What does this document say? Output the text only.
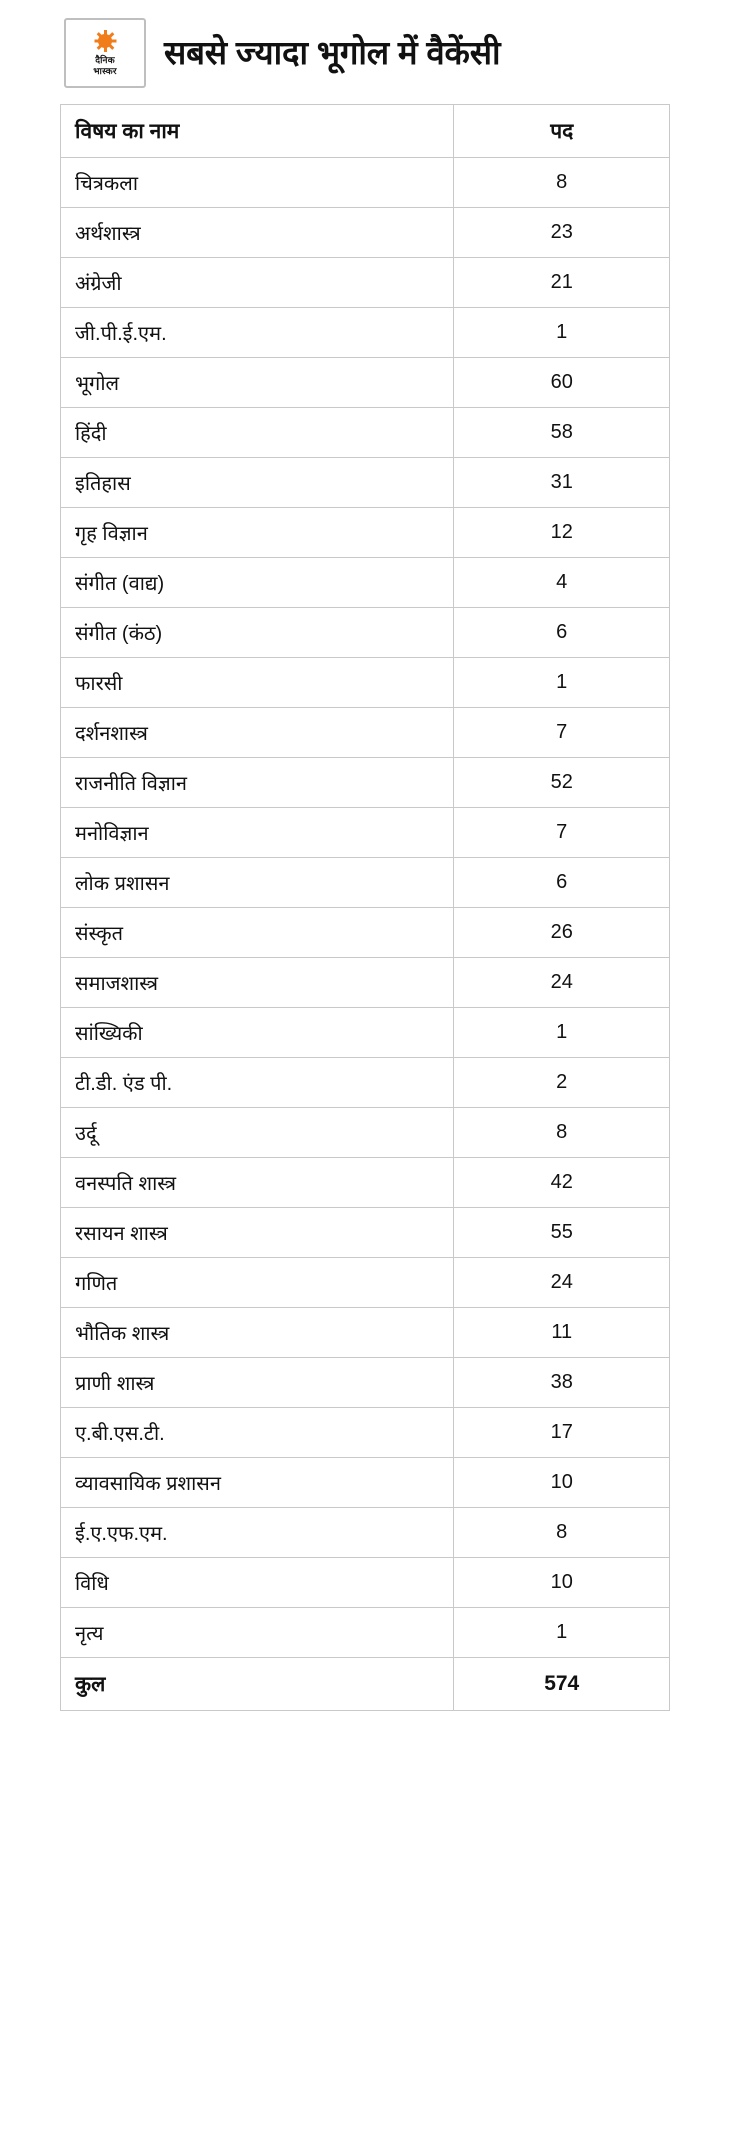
दैनिक
भास्कर सबसे ज्यादा भूगोल में वैकेंसी
विषय का नाम	पद
चित्रकला	8
अर्थशास्त्र	23
अंग्रेजी	21
जी.पी.ई.एम.	1
भूगोल	60
हिंदी	58
इतिहास	31
गृह विज्ञान	12
संगीत (वाद्य)	4
संगीत (कंठ)	6
फारसी	1
दर्शनशास्त्र	7
राजनीति विज्ञान	52
मनोविज्ञान	7
लोक प्रशासन	6
संस्कृत	26
समाजशास्त्र	24
सांख्यिकी	1
टी.डी. एंड पी.	2
उर्दू	8
वनस्पति शास्त्र	42
रसायन शास्त्र	55
गणित	24
भौतिक शास्त्र	11
प्राणी शास्त्र	38
ए.बी.एस.टी.	17
व्यावसायिक प्रशासन	10
ई.ए.एफ.एम.	8
विधि	10
नृत्य	1
कुल	574
